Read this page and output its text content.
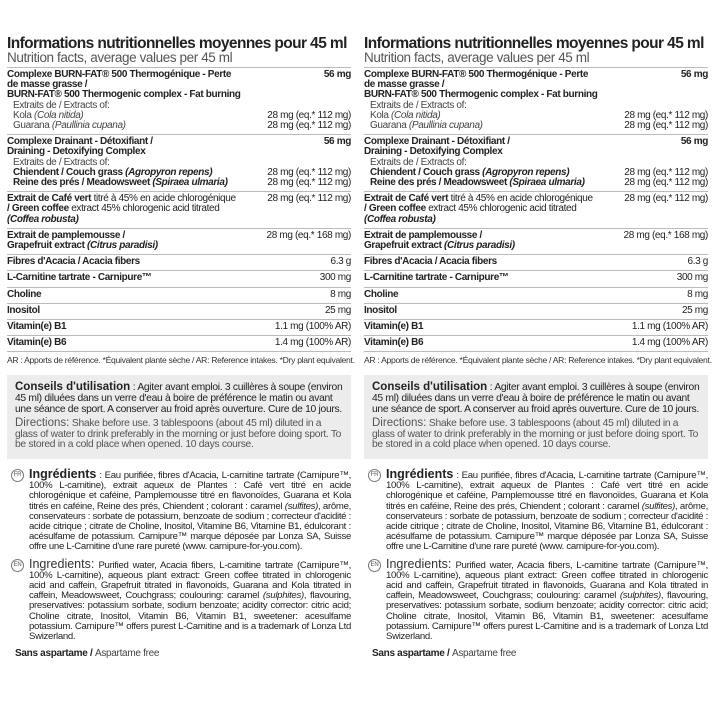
Informations nutritionnelles moyennes pour 45 ml
Nutrition facts, average values per 45 ml
Complexe BURN-FAT® 500 Thermogénique - Perte	56 mg
de masse grasse /
BURN-FAT® 500 Thermogenic complex - Fat burning
Extraits de / Extracts of:
Kola (Cola nitida)	28 mg (eq.* 112 mg)
Guarana (Paullinia cupana)	28 mg (eq.* 112 mg)
Complexe Drainant - Détoxifiant /	56 mg
Draining - Detoxifying Complex
Extraits de / Extracts of:
Chiendent / Couch grass (Agropyron repens)	28 mg (eq.* 112 mg)
Reine des prés / Meadowsweet (Spiraea ulmaria)	28 mg (eq.* 112 mg)
Extrait de Café vert titré à 45% en acide chlorogénique	28 mg (eq.* 112 mg)
/ Green coffee extract 45% chlorogenic acid titrated
(Coffea robusta)
Extrait de pamplemousse /	28 mg (eq.* 168 mg)
Grapefruit extract (Citrus paradisi)
Fibres d'Acacia / Acacia fibers	6.3 g
L-Carnitine tartrate - Carnipure™	300 mg
Choline	8 mg
Inositol	25 mg
Vitamin(e) B1	1.1 mg (100% AR)
Vitamin(e) B6	1.4 mg (100% AR)
AR : Apports de référence. *Équivalent plante sèche / AR: Reference intakes. *Dry plant equivalent.
Conseils d'utilisation : Agiter avant emploi. 3 cuillères à soupe (environ 45 ml) diluées dans un verre d'eau à boire de préférence le matin ou avant une séance de sport. A conserver au froid après ouverture. Cure de 10 jours.
Directions: Shake before use. 3 tablespoons (about 45 ml) diluted in a glass of water to drink preferably in the morning or just before doing sport. To be stored in a cold place when opened. 10 days course.
FR Ingrédients : Eau purifiée, fibres d'Acacia, L-carnitine tartrate (Carnipure™, 100% L-carnitine), extrait aqueux de Plantes : Café vert titré en acide chlorogénique et caféine, Pamplemousse titré en flavonoïdes, Guarana et Kola titrés en caféine, Reine des prés, Chiendent ; colorant : caramel (sulfites), arôme, conservateurs : sorbate de potassium, benzoate de sodium ; correcteur d'acidité : acide citrique ; citrate de Choline, Inositol, Vitamine B6, Vitamine B1, édulcorant : acésulfame de potassium. Carnipure™ marque déposée par Lonza SA, Suisse offre une L-Carnitine d'une rare pureté (www. carnipure-for-you.com).
EN Ingredients: Purified water, Acacia fibers, L-carnitine tartrate (Carnipure™, 100% L-carnitine), aqueous plant extract: Green coffee titrated in chlorogenic acid and caffein, Grapefruit titrated in flavonoids, Guarana and Kola titrated in caffein, Meadowsweet, Couchgrass; coulouring: caramel (sulphites), flavouring, preservatives: potassium sorbate, sodium benzoate; acidity corrector: citric acid; Choline citrate, Inositol, Vitamin B6, Vitamin B1, sweetener: acesulfame potassium. Carnipure™ offers purest L-Carnitine and is a trademark of Lonza Ltd Swizerland.
Sans aspartame / Aspartame free
Informations nutritionnelles moyennes pour 45 ml
Nutrition facts, average values per 45 ml
Complexe BURN-FAT® 500 Thermogénique - Perte	56 mg
de masse grasse /
BURN-FAT® 500 Thermogenic complex - Fat burning
Extraits de / Extracts of:
Kola (Cola nitida)	28 mg (eq.* 112 mg)
Guarana (Paullinia cupana)	28 mg (eq.* 112 mg)
Complexe Drainant - Détoxifiant /	56 mg
Draining - Detoxifying Complex
Extraits de / Extracts of:
Chiendent / Couch grass (Agropyron repens)	28 mg (eq.* 112 mg)
Reine des prés / Meadowsweet (Spiraea ulmaria)	28 mg (eq.* 112 mg)
Extrait de Café vert titré à 45% en acide chlorogénique	28 mg (eq.* 112 mg)
/ Green coffee extract 45% chlorogenic acid titrated
(Coffea robusta)
Extrait de pamplemousse /	28 mg (eq.* 168 mg)
Grapefruit extract (Citrus paradisi)
Fibres d'Acacia / Acacia fibers	6.3 g
L-Carnitine tartrate - Carnipure™	300 mg
Choline	8 mg
Inositol	25 mg
Vitamin(e) B1	1.1 mg (100% AR)
Vitamin(e) B6	1.4 mg (100% AR)
AR : Apports de référence. *Équivalent plante sèche / AR: Reference intakes. *Dry plant equivalent.
Conseils d'utilisation : Agiter avant emploi. 3 cuillères à soupe (environ 45 ml) diluées dans un verre d'eau à boire de préférence le matin ou avant une séance de sport. A conserver au froid après ouverture. Cure de 10 jours.
Directions: Shake before use. 3 tablespoons (about 45 ml) diluted in a glass of water to drink preferably in the morning or just before doing sport. To be stored in a cold place when opened. 10 days course.
FR Ingrédients : Eau purifiée, fibres d'Acacia, L-carnitine tartrate (Carnipure™, 100% L-carnitine), extrait aqueux de Plantes : Café vert titré en acide chlorogénique et caféine, Pamplemousse titré en flavonoïdes, Guarana et Kola titrés en caféine, Reine des prés, Chiendent ; colorant : caramel (sulfites), arôme, conservateurs : sorbate de potassium, benzoate de sodium ; correcteur d'acidité : acide citrique ; citrate de Choline, Inositol, Vitamine B6, Vitamine B1, édulcorant : acésulfame de potassium. Carnipure™ marque déposée par Lonza SA, Suisse offre une L-Carnitine d'une rare pureté (www. carnipure-for-you.com).
EN Ingredients: Purified water, Acacia fibers, L-carnitine tartrate (Carnipure™, 100% L-carnitine), aqueous plant extract: Green coffee titrated in chlorogenic acid and caffein, Grapefruit titrated in flavonoids, Guarana and Kola titrated in caffein, Meadowsweet, Couchgrass; coulouring: caramel (sulphites), flavouring, preservatives: potassium sorbate, sodium benzoate; acidity corrector: citric acid; Choline citrate, Inositol, Vitamin B6, Vitamin B1, sweetener: acesulfame potassium. Carnipure™ offers purest L-Carnitine and is a trademark of Lonza Ltd Swizerland.
Sans aspartame / Aspartame free
